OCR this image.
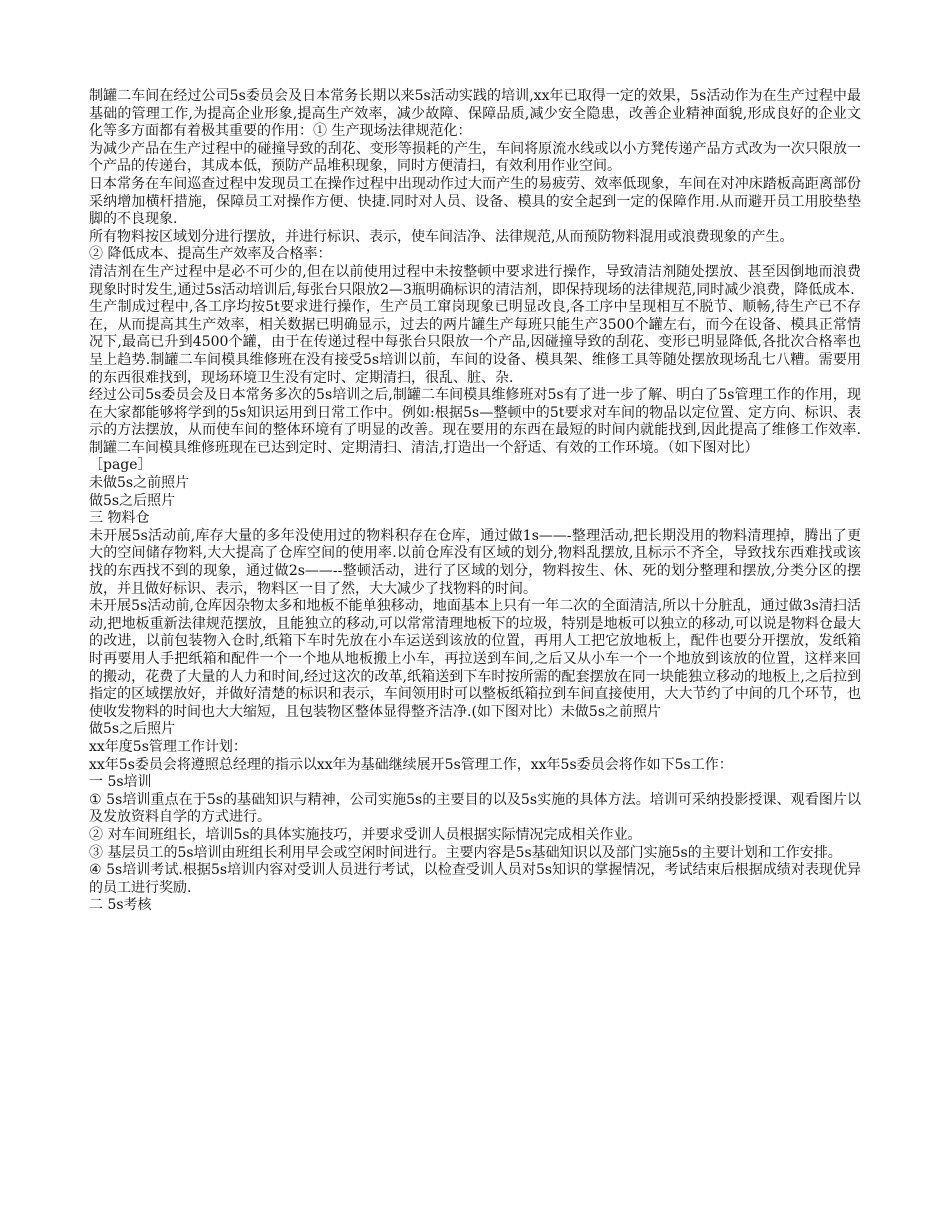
制罐二车间在经过公司5s委员会及日本常务长期以来5s活动实践的培训,xx年已取得一定的效果，5s活动作为在生产过程中最基础的管理工作,为提高企业形象,提高生产效率，减少故障、保障品质,减少安全隐患，改善企业精神面貌,形成良好的企业文化等多方面都有着极其重要的作用：① 生产现场法律规范化：

为减少产品在生产过程中的碰撞导致的刮花、变形等损耗的产生，车间将原流水线或以小方凳传递产品方式改为一次只限放一个产品的传递台，其成本低，预防产品堆积现象，同时方便清扫，有效利用作业空间。

日本常务在车间巡查过程中发现员工在操作过程中出现动作过大而产生的易疲劳、效率低现象，车间在对冲床踏板高距离部份采纳增加横杆措施，保障员工对操作方便、快捷.同时对人员、设备、模具的安全起到一定的保障作用.从而避开员工用胶垫垫脚的不良现象.

所有物料按区域划分进行摆放，并进行标识、表示，使车间洁净、法律规范,从而预防物料混用或浪费现象的产生。

② 降低成本、提高生产效率及合格率：

清洁剂在生产过程中是必不可少的,但在以前使用过程中未按整顿中要求进行操作，导致清洁剂随处摆放、甚至因倒地而浪费现象时时发生,通过5s活动培训后,每张台只限放2—3瓶明确标识的清洁剂，即保持现场的法律规范,同时减少浪费，降低成本.

生产制成过程中,各工序均按5t要求进行操作，生产员工窜岗现象已明显改良,各工序中呈现相互不脱节、顺畅,待生产已不存在，从而提高其生产效率，相关数据已明确显示，过去的两片罐生产每班只能生产3500个罐左右，而今在设备、模具正常情况下,最高已升到4500个罐，由于在传递过程中每张台只限放一个产品,因碰撞导致的刮花、变形已明显降低,各批次合格率也呈上趋势.制罐二车间模具维修班在没有接受5s培训以前，车间的设备、模具架、维修工具等随处摆放现场乱七八糟。需要用的东西很难找到，现场环境卫生没有定时、定期清扫，很乱、脏、杂.

经过公司5s委员会及日本常务多次的5s培训之后,制罐二车间模具维修班对5s有了进一步了解、明白了5s管理工作的作用，现在大家都能够将学到的5s知识运用到日常工作中。例如:根据5s—整顿中的5t要求对车间的物品以定位置、定方向、标识、表示的方法摆放，从而使车间的整体环境有了明显的改善。现在要用的东西在最短的时间内就能找到,因此提高了维修工作效率.制罐二车间模具维修班现在已达到定时、定期清扫、清洁,打造出一个舒适、有效的工作环境。（如下图对比）

［page］

未做5s之前照片

做5s之后照片

三 物料仓

未开展5s活动前,库存大量的多年没使用过的物料积存在仓库，通过做1s——-整理活动,把长期没用的物料清理掉，腾出了更大的空间储存物料,大大提高了仓库空间的使用率.以前仓库没有区域的划分,物料乱摆放,且标示不齐全，导致找东西难找或该找的东西找不到的现象，通过做2s——--整顿活动，进行了区域的划分，物料按生、休、死的划分整理和摆放,分类分区的摆放，并且做好标识、表示，物料区一目了然，大大减少了找物料的时间。

未开展5s活动前,仓库因杂物太多和地板不能单独移动，地面基本上只有一年二次的全面清洁,所以十分脏乱，通过做3s清扫活动,把地板重新法律规范摆放，且能独立的移动,可以常常清理地板下的垃圾，特别是地板可以独立的移动,可以说是物料仓最大的改进，以前包装物入仓时,纸箱下车时先放在小车运送到该放的位置，再用人工把它放地板上，配件也要分开摆放，发纸箱时再要用人手把纸箱和配件一个一个地从地板搬上小车，再拉送到车间,之后又从小车一个一个地放到该放的位置，这样来回的搬动，花费了大量的人力和时间,经过这次的改革,纸箱送到下车时按所需的配套摆放在同一块能独立移动的地板上,之后拉到指定的区域摆放好，并做好清楚的标识和表示，车间领用时可以整板纸箱拉到车间直接使用，大大节约了中间的几个环节，也使收发物料的时间也大大缩短，且包装物区整体显得整齐洁净.(如下图对比）未做5s之前照片

做5s之后照片

xx年度5s管理工作计划：

xx年5s委员会将遵照总经理的指示以xx年为基础继续展开5s管理工作，xx年5s委员会将作如下5s工作：

一 5s培训

① 5s培训重点在于5s的基础知识与精神，公司实施5s的主要目的以及5s实施的具体方法。培训可采纳投影授课、观看图片以及发放资料自学的方式进行。

② 对车间班组长，培训5s的具体实施技巧，并要求受训人员根据实际情况完成相关作业。

③ 基层员工的5s培训由班组长利用早会或空闲时间进行。主要内容是5s基础知识以及部门实施5s的主要计划和工作安排。

④ 5s培训考试.根据5s培训内容对受训人员进行考试，以检查受训人员对5s知识的掌握情况，考试结束后根据成绩对表现优异的员工进行奖励.

二 5s考核
